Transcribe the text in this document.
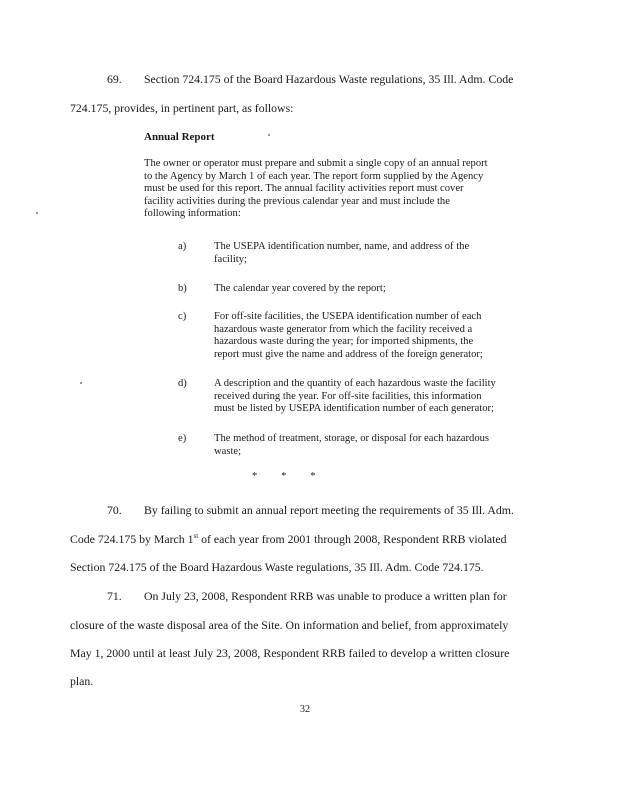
69. Section 724.175 of the Board Hazardous Waste regulations, 35 Ill. Adm. Code
724.175, provides, in pertinent part, as follows:
Annual Report
The owner or operator must prepare and submit a single copy of an annual report
to the Agency by March 1 of each year. The report form supplied by the Agency
must be used for this report. The annual facility activities report must cover
facility activities during the previous calendar year and must include the
following information:
a)	The USEPA identification number, name, and address of the
facility;
b)	The calendar year covered by the report;
c)	For off-site facilities, the USEPA identification number of each
hazardous waste generator from which the facility received a
hazardous waste during the year; for imported shipments, the
report must give the name and address of the foreign generator;
d)	A description and the quantity of each hazardous waste the facility
received during the year. For off-site facilities, this information
must be listed by USEPA identification number of each generator;
e)	The method of treatment, storage, or disposal for each hazardous
waste;
*         *         *
70. By failing to submit an annual report meeting the requirements of 35 Ill. Adm.
Code 724.175 by March 1st of each year from 2001 through 2008, Respondent RRB violated
Section 724.175 of the Board Hazardous Waste regulations, 35 Ill. Adm. Code 724.175.
71. On July 23, 2008, Respondent RRB was unable to produce a written plan for
closure of the waste disposal area of the Site. On information and belief, from approximately
May 1, 2000 until at least July 23, 2008, Respondent RRB failed to develop a written closure
plan.
32
